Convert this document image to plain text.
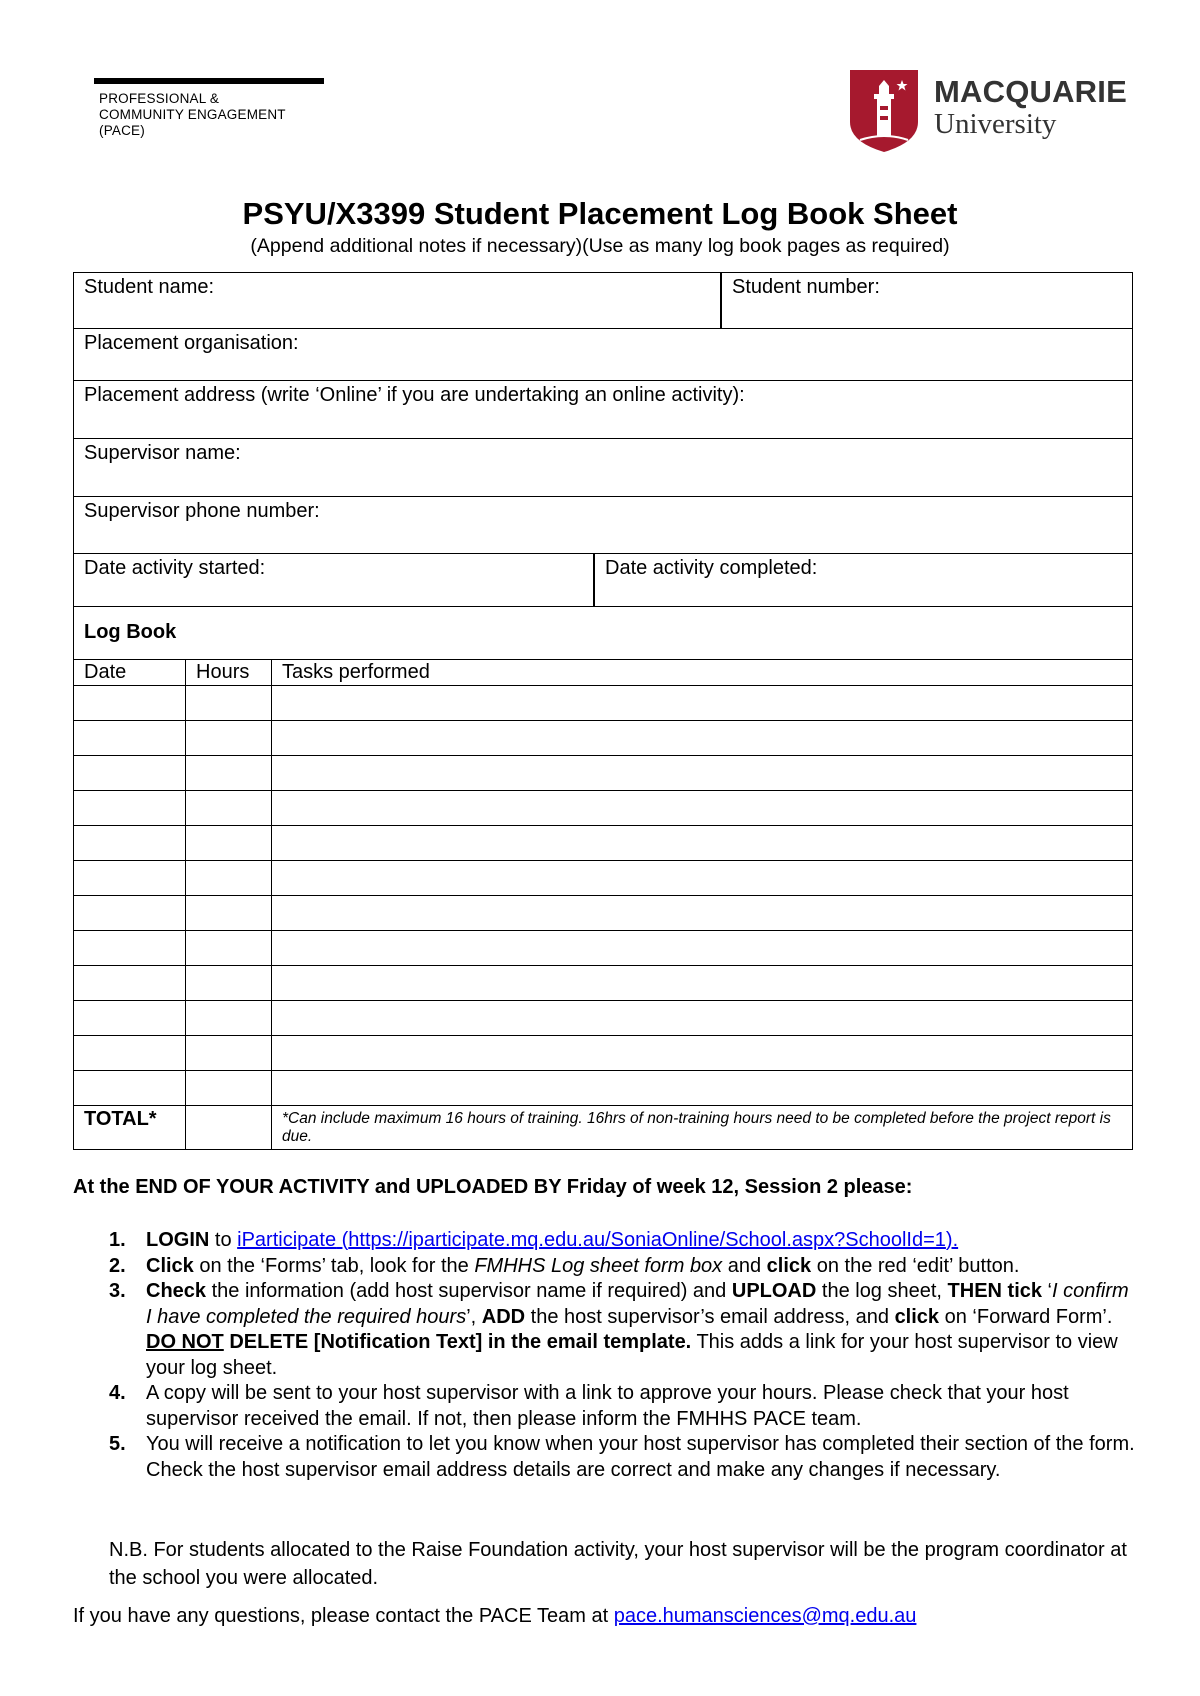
PROFESSIONAL &
COMMUNITY ENGAGEMENT
(PACE)
MACQUARIE
University
PSYU/X3399 Student Placement Log Book Sheet
(Append additional notes if necessary)(Use as many log book pages as required)
Student name:	Student number:
Placement organisation:
Placement address (write ‘Online’ if you are undertaking an online activity):
Supervisor name:
Supervisor phone number:
Date activity started:	Date activity completed:
Log Book
Date	Hours	Tasks performed

TOTAL*		*Can include maximum 16 hours of training. 16hrs of non-training hours need to be completed before the project report is due.
At the END OF YOUR ACTIVITY and UPLOADED BY Friday of week 12, Session 2 please:
1. LOGIN to iParticipate (https://iparticipate.mq.edu.au/SoniaOnline/School.aspx?SchoolId=1).
2. Click on the ‘Forms’ tab, look for the FMHHS Log sheet form box and click on the red ‘edit’ button.
3. Check the information (add host supervisor name if required) and UPLOAD the log sheet, THEN tick ‘I confirm I have completed the required hours’, ADD the host supervisor’s email address, and click on ‘Forward Form’. DO NOT DELETE [Notification Text] in the email template. This adds a link for your host supervisor to view your log sheet.
4. A copy will be sent to your host supervisor with a link to approve your hours. Please check that your host supervisor received the email. If not, then please inform the FMHHS PACE team.
5. You will receive a notification to let you know when your host supervisor has completed their section of the form. Check the host supervisor email address details are correct and make any changes if necessary.
N.B. For students allocated to the Raise Foundation activity, your host supervisor will be the program coordinator at the school you were allocated.
If you have any questions, please contact the PACE Team at pace.humansciences@mq.edu.au
